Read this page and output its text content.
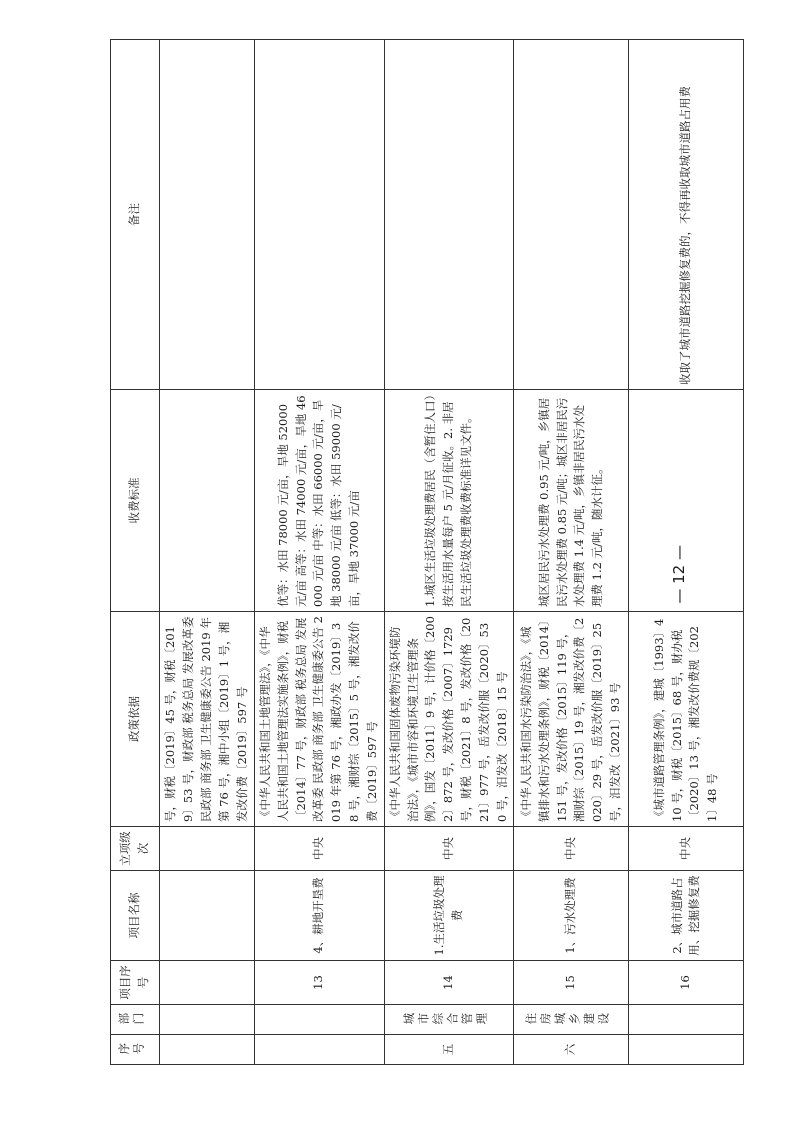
序号	部门	项目序号	项目名称	立项级次	政策依据	收费标准	备注
					号，财税〔2019〕45 号，财税〔2019〕53 号，财政部 税务总局 发展改革委 民政部 商务部 卫生健康委公告 2019 年第 76 号，湘中小组〔2019〕1 号，湘发改价费〔2019〕597 号		
		13	4、耕地开垦费	中央	《中华人民共和国土地管理法》，《中华人民共和国土地管理法实施条例》，财税〔2014〕77 号，财政部 税务总局 发展改革委 民政部 商务部 卫生健康委公告 2019 年第 76 号，湘政办发〔2019〕38 号，湘财综〔2015〕5 号，湘发改价费〔2019〕597 号	优等：水田 78000 元/亩，旱地 52000 元/亩 高等：水田 74000 元/亩，旱地 46000 元/亩 中等：水田 66000 元/亩，旱地 38000 元/亩 低等：水田 59000 元/亩，旱地 37000 元/亩	
五	城市综合管理	14	1.生活垃圾处理费	中央	《中华人民共和国固体废物污染环境防治法》，《城市市容和环境卫生管理条例》，国发〔2011〕9 号，计价格〔2002〕872 号，发改价格〔2007〕1729 号，财税〔2021〕8 号，发改价格〔2021〕977 号，岳发改价服〔2020〕530 号，汨发改〔2018〕15 号	1.城区生活垃圾处理费居民（含暂住人口）按生活用水量每户 5 元/月征收。2. 非居民生活垃圾处理费收费标准详见文件。	
六	住房城乡建设	15	1、污水处理费	中央	《中华人民共和国水污染防治法》，《城镇排水和污水处理条例》，财税〔2014〕151 号，发改价格〔2015〕119 号，湘财综〔2015〕19 号，湘发改价费〔2020〕29 号，岳发改价服〔2019〕25 号，汨发改〔2021〕93 号	城区居民污水处理费 0.95 元/吨，乡镇居民污水处理费 0.85 元/吨；城区非居民污水处理费 1.4 元/吨，乡镇非居民污水处理费 1.2 元/吨，随水计征。	
		16	2、城市道路占用、挖掘修复费	中央	《城市道路管理条例》，建城〔1993〕410 号，财税〔2015〕68 号，财办税〔2020〕13 号，湘发改价费规〔2021〕48 号		收取了城市道路挖掘修复费的，不得再收取城市道路占用费
— 12 —
